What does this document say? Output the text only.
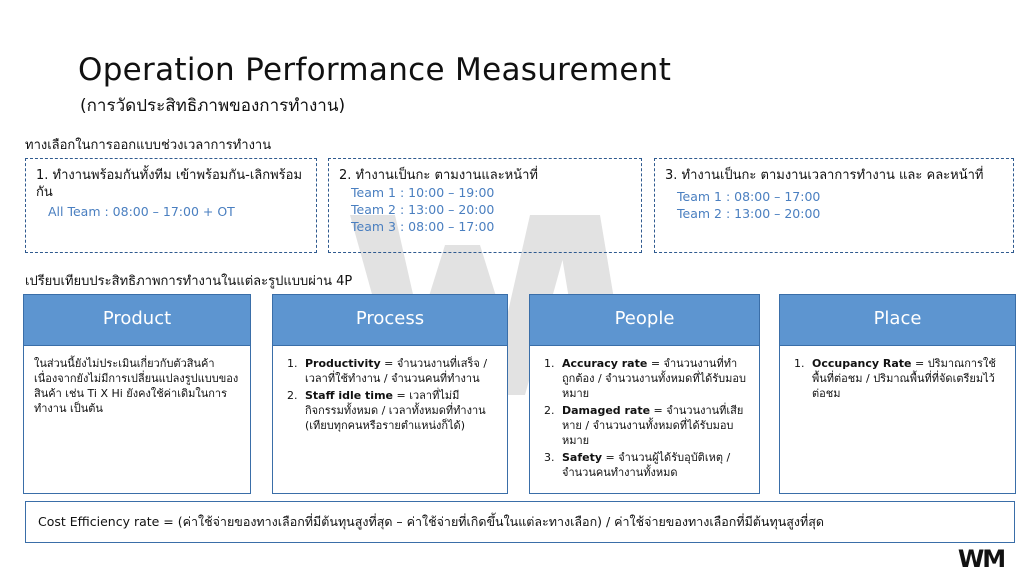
Operation Performance Measurement
(การวัดประสิทธิภาพของการทำงาน)
ทางเลือกในการออกแบบช่วงเวลาการทำงาน
1. ทำงานพร้อมกันทั้งทีม เข้าพร้อมกัน-เลิกพร้อมกัน
All Team : 08:00 – 17:00 + OT
2. ทำงานเป็นกะ ตามงานและหน้าที่
Team 1 : 10:00 – 19:00
Team 2 : 13:00 – 20:00
Team 3 : 08:00 – 17:00
3. ทำงานเป็นกะ ตามงานเวลาการทำงาน และ คละหน้าที่
Team 1 : 08:00 – 17:00
Team 2 : 13:00 – 20:00
เปรียบเทียบประสิทธิภาพการทำงานในแต่ละรูปแบบผ่าน 4P
Product
ในส่วนนี้ยังไม่ประเมินเกี่ยวกับตัวสินค้า เนื่องจากยังไม่มีการเปลี่ยนแปลงรูปแบบของสินค้า เช่น Ti X Hi ยังคงใช้ค่าเดิมในการทำงาน เป็นต้น
Process
1. Productivity = จำนวนงานที่เสร็จ / เวลาที่ใช้ทำงาน / จำนวนคนที่ทำงาน
2. Staff idle time = เวลาที่ไม่มีกิจกรรมทั้งหมด / เวลาทั้งหมดที่ทำงาน (เทียบทุกคนหรือรายตำแหน่งก็ได้)
People
1. Accuracy rate = จำนวนงานที่ทำถูกต้อง / จำนวนงานทั้งหมดที่ได้รับมอบหมาย
2. Damaged rate = จำนวนงานที่เสียหาย / จำนวนงานทั้งหมดที่ได้รับมอบหมาย
3. Safety = จำนวนผู้ได้รับอุบัติเหตุ / จำนวนคนทำงานทั้งหมด
Place
1. Occupancy Rate = ปริมาณการใช้พื้นที่ต่อชม / ปริมาณพื้นที่ที่จัดเตรียมไว้ต่อชม
Cost Efficiency rate = (ค่าใช้จ่ายของทางเลือกที่มีต้นทุนสูงที่สุด – ค่าใช้จ่ายที่เกิดขึ้นในแต่ละทางเลือก) / ค่าใช้จ่ายของทางเลือกที่มีต้นทุนสูงที่สุด
WM
